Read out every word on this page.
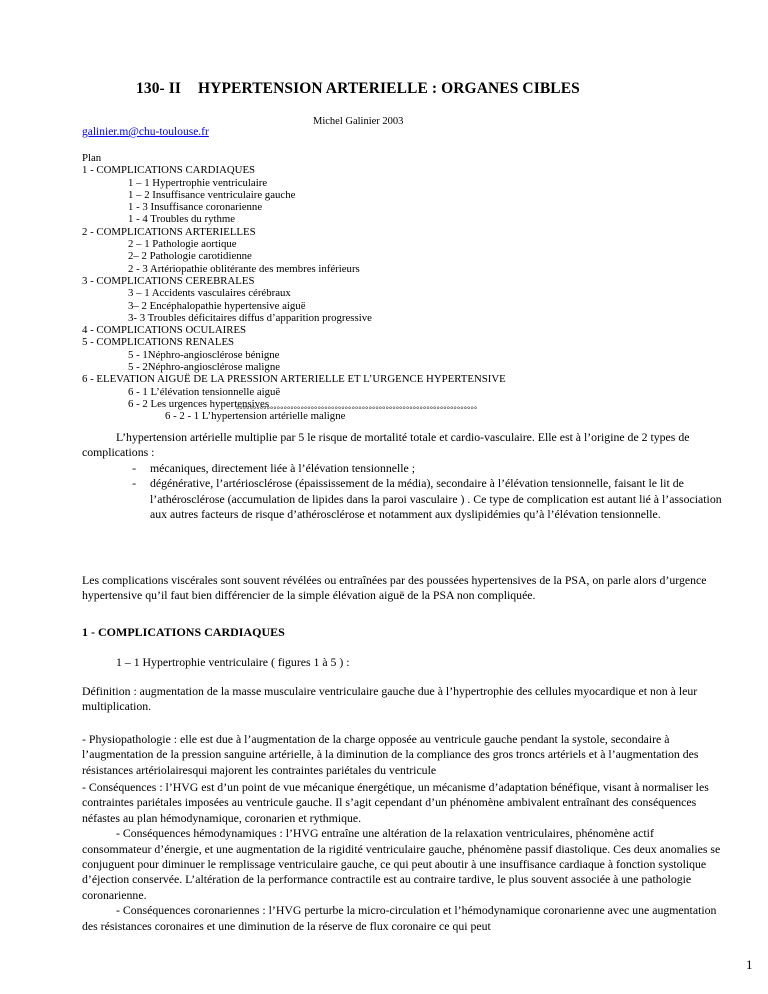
130- II HYPERTENSION ARTERIELLE : ORGANES CIBLES
Michel Galinier 2003
galinier.m@chu-toulouse.fr
Plan
1 - COMPLICATIONS CARDIAQUES
1 – 1 Hypertrophie ventriculaire
1 – 2 Insuffisance ventriculaire gauche
1 - 3 Insuffisance coronarienne
1 - 4 Troubles du rythme
2 - COMPLICATIONS ARTERIELLES
2 – 1 Pathologie aortique
2– 2 Pathologie carotidienne
2 - 3 Artériopathie oblitérante des membres inférieurs
3 - COMPLICATIONS CEREBRALES
3 – 1 Accidents vasculaires cérébraux
3– 2 Encéphalopathie hypertensive aiguë
3- 3 Troubles déficitaires diffus d’apparition progressive
4 - COMPLICATIONS OCULAIRES
5 - COMPLICATIONS RENALES
5 - 1Néphro-angiosclérose bénigne
5 - 2Néphro-angiosclérose maligne
6 - ELEVATION AIGUË DE LA PRESSION ARTERIELLE ET L’URGENCE HYPERTENSIVE
6 - 1 L’élévation tensionnelle aiguë
6 - 2 Les urgences hypertensives
6 - 2 - 1 L’hypertension artérielle maligne
°°°°°°°°°°°°°°°°°°°°°°°°°°°°°°°°°°°°°°°°°°°°°°°°°°°°°°°°°°°°°°°°°°°°°°°
L’hypertension artérielle multiplie par 5 le risque de mortalité totale et cardio-vasculaire. Elle est à l’origine de 2 types de complications :
-	mécaniques, directement liée à l’élévation tensionnelle ;
-	dégénérative, l’artériosclérose (épaississement de la média), secondaire à l’élévation tensionnelle, faisant le lit de l’athérosclérose (accumulation de lipides dans la paroi vasculaire ) . Ce type de complication est autant lié à l’association aux autres facteurs de risque d’athérosclérose et notamment aux dyslipidémies qu’à l’élévation tensionnelle.
Les complications viscérales sont souvent révélées ou entraînées par des poussées hypertensives de la PSA, on parle alors d’urgence hypertensive qu’il faut bien différencier de la simple élévation aiguë de la PSA non compliquée.
1 - COMPLICATIONS CARDIAQUES
1 – 1 Hypertrophie ventriculaire ( figures 1 à 5 ) :
Définition : augmentation de la masse musculaire ventriculaire gauche due à l’hypertrophie des cellules myocardique et non à leur multiplication.
- Physiopathologie : elle est due à l’augmentation de la charge opposée au ventricule gauche pendant la systole, secondaire à l’augmentation de la pression sanguine artérielle, à la diminution de la compliance des gros troncs artériels et à l’augmentation des résistances artériolairesqui majorent les contraintes pariétales du ventricule
- Conséquences : l’HVG est d’un point de vue mécanique énergétique, un mécanisme d’adaptation bénéfique, visant à normaliser les contraintes pariétales imposées au ventricule gauche. Il s’agit cependant d’un phénomène ambivalent entraînant des conséquences néfastes au plan hémodynamique, coronarien et rythmique.
- Conséquences hémodynamiques : l’HVG entraîne une altération de la relaxation ventriculaires, phénomène actif consommateur d’énergie, et une augmentation de la rigidité ventriculaire gauche, phénomène passif diastolique. Ces deux anomalies se conjuguent pour diminuer le remplissage ventriculaire gauche, ce qui peut aboutir à une insuffisance cardiaque à fonction systolique d’éjection conservée. L’altération de la performance contractile est au contraire tardive, le plus souvent associée à une pathologie coronarienne.
- Conséquences coronariennes : l’HVG perturbe la micro-circulation et l’hémodynamique coronarienne avec une augmentation des résistances coronaires et une diminution de la réserve de flux coronaire ce qui peut
1
